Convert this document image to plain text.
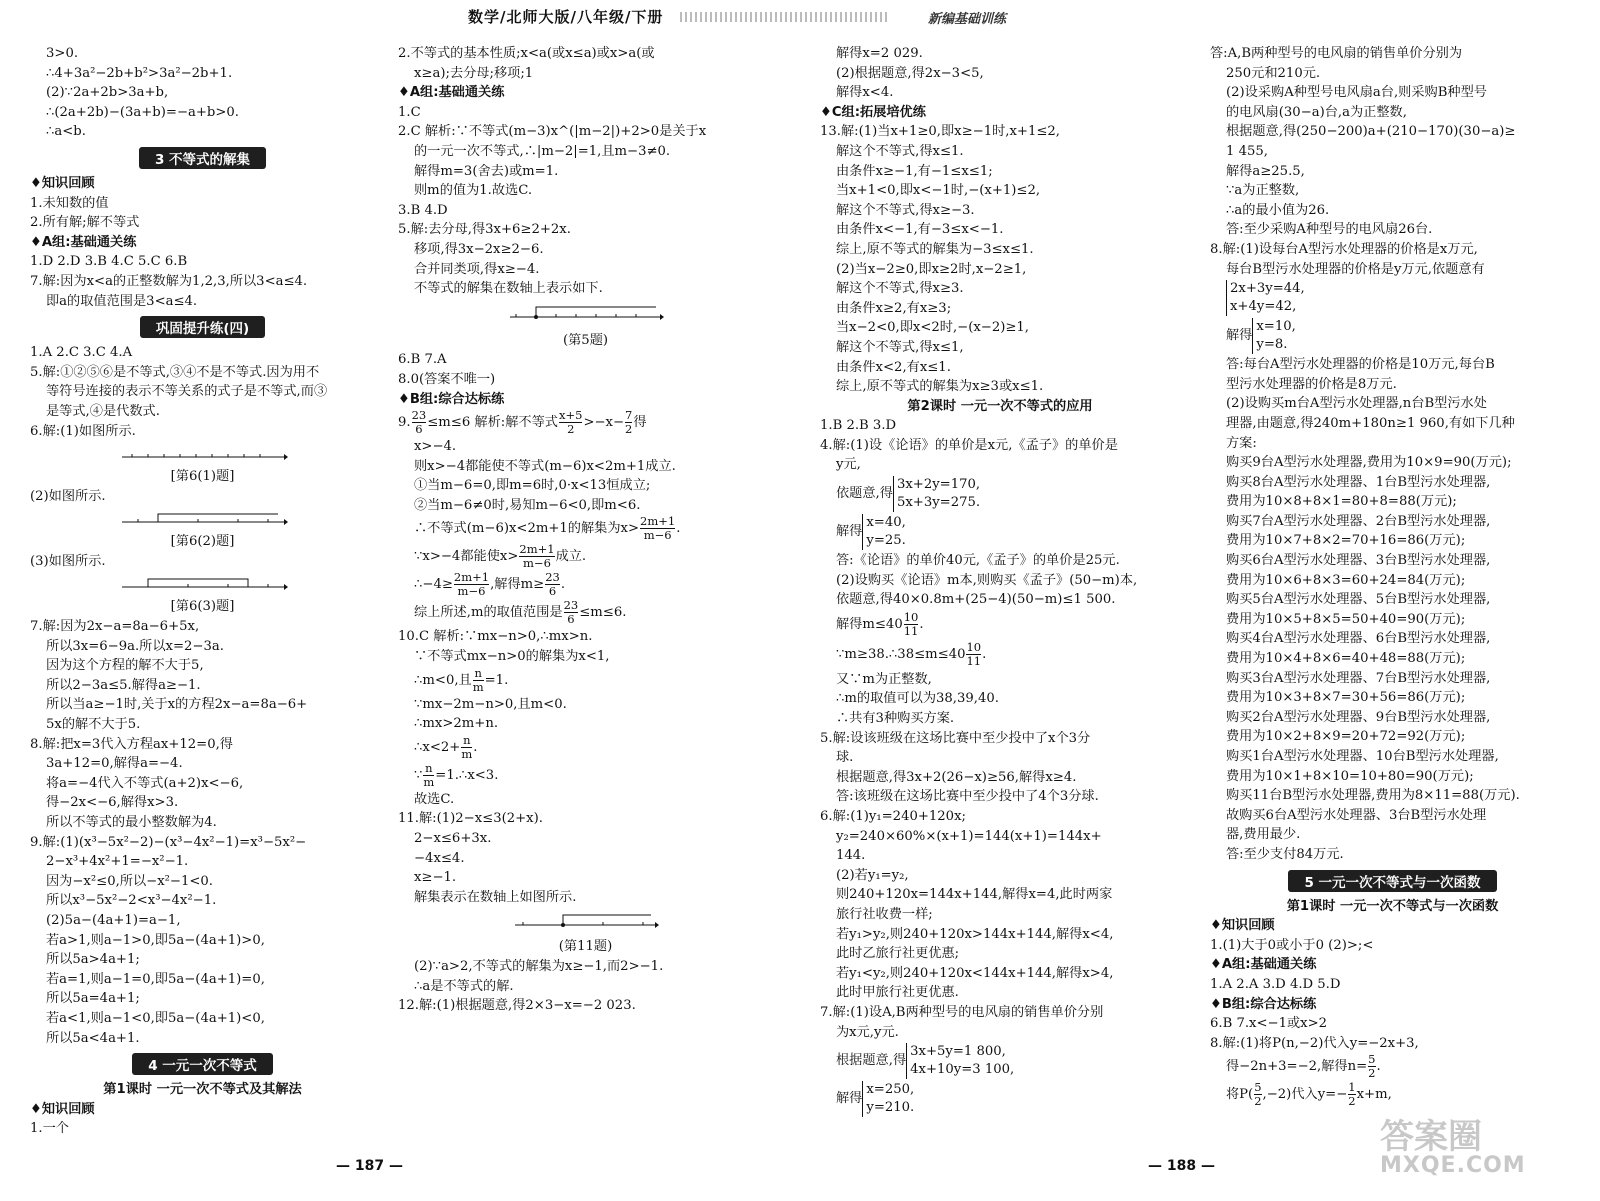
数学/北师大版/八年级/下册	新编基础训练

3>0.

∴4+3a²−2b+b²>3a²−2b+1.

(2)∵2a+2b>3a+b,

∴(2a+2b)−(3a+b)=−a+b>0.

∴a<b.

3 不等式的解集

♦知识回顾

1.未知数的值

2.所有解;解不等式

♦A组:基础通关练

1.D 2.D 3.B 4.C 5.C 6.B

7.解:因为x<a的正整数解为1,2,3,所以3<a≤4.

即a的取值范围是3<a≤4.

巩固提升练(四)

1.A 2.C 3.C 4.A

5.解:①②⑤⑥是不等式,③④不是不等式.因为用不

等符号连接的表示不等关系的式子是不等式,而③

是等式,④是代数式.

6.解:(1)如图所示.

[第6(1)题]

(2)如图所示.

[第6(2)题]

(3)如图所示.

[第6(3)题]

7.解:因为2x−a=8a−6+5x,

所以3x=6−9a.所以x=2−3a.

因为这个方程的解不大于5,

所以2−3a≤5.解得a≥−1.

所以当a≥−1时,关于x的方程2x−a=8a−6+

5x的解不大于5.

8.解:把x=3代入方程ax+12=0,得

3a+12=0,解得a=−4.

将a=−4代入不等式(a+2)x<−6,

得−2x<−6,解得x>3.

所以不等式的最小整数解为4.

9.解:(1)(x³−5x²−2)−(x³−4x²−1)=x³−5x²−

2−x³+4x²+1=−x²−1.

因为−x²≤0,所以−x²−1<0.

所以x³−5x²−2<x³−4x²−1.

(2)5a−(4a+1)=a−1,

若a>1,则a−1>0,即5a−(4a+1)>0,

所以5a>4a+1;

若a=1,则a−1=0,即5a−(4a+1)=0,

所以5a=4a+1;

若a<1,则a−1<0,即5a−(4a+1)<0,

所以5a<4a+1.

4 一元一次不等式

第1课时 一元一次不等式及其解法

♦知识回顾

1.一个

2.不等式的基本性质;x<a(或x≤a)或x>a(或

x≥a);去分母;移项;1

♦A组:基础通关练

1.C

2.C 解析:∵不等式(m−3)x^(|m−2|)+2>0是关于x

的一元一次不等式,∴|m−2|=1,且m−3≠0.

解得m=3(舍去)或m=1.

则m的值为1.故选C.

3.B 4.D

5.解:去分母,得3x+6≥2+2x.

移项,得3x−2x≥2−6.

合并同类项,得x≥−4.

不等式的解集在数轴上表示如下.

(第5题)

6.B 7.A

8.0(答案不唯一)

♦B组:综合达标练

9. $\frac{23}{6} \le m\le 6$ 解析:解不等式 $\frac{x+5}{2} >-x- \frac{7}{2}$ 得

x>−4.

则x>−4都能使不等式(m−6)x<2m+1成立.

①当m−6=0,即m=6时,0·x<13恒成立;

②当m−6≠0时,易知m−6<0,即m<6.

∴不等式(m−6)x<2m+1的解集为$x> \frac{2m+1}{m-6}$ .

∵x>−4都能使$x> \frac{2m+1}{m-6}$ 成立.

∴−4≥ $\frac{2m+1}{m-6}$ ,解得$m\ge \frac{23}{6}$ .

综上所述,m的取值范围是 $\frac{23}{6} \le m\le 6$.

10.C 解析:∵mx−n>0,∴mx>n.

∵不等式mx−n>0的解集为x<1,

∴m<0,且 $\frac{n}{m} =1$.

∵mx−2m−n>0,且m<0.

∴mx>2m+n.

∴x<2+ $\frac{n}{m}$ .

∵ $\frac{n}{m}$ =1.∴x<3.

故选C.

11.解:(1)2−x≤3(2+x).

2−x≤6+3x.

−4x≤4.

x≥−1.

解集表示在数轴上如图所示.

(第11题)

(2)∵a>2,不等式的解集为x≥−1,而2>−1.

∴a是不等式的解.

12.解:(1)根据题意,得2×3−x=−2 023.

解得x=2 029.

(2)根据题意,得2x−3<5,

解得x<4.

♦C组:拓展培优练

13.解:(1)当x+1≥0,即x≥−1时,x+1≤2,

解这个不等式,得x≤1.

由条件x≥−1,有−1≤x≤1;

当x+1<0,即x<−1时,−(x+1)≤2,

解这个不等式,得x≥−3.

由条件x<−1,有−3≤x<−1.

综上,原不等式的解集为−3≤x≤1.

(2)当x−2≥0,即x≥2时,x−2≥1,

解这个不等式,得x≥3.

由条件x≥2,有x≥3;

当x−2<0,即x<2时,−(x−2)≥1,

解这个不等式,得x≤1,

由条件x<2,有x≤1.

综上,原不等式的解集为x≥3或x≤1.

第2课时 一元一次不等式的应用

1.B 2.B 3.D

4.解:(1)设《论语》的单价是x元,《孟子》的单价是

y元,

依题意,得
3x+2y=170,
5x+3y=275.

解得
x=40,
y=25.

答:《论语》的单价40元,《孟子》的单价是25元.

(2)设购买《论语》m本,则购买《孟子》(50−m)本,

依题意,得40×0.8m+(25−4)(50−m)≤1 500.

解得$m\le 40 \frac{10}{11}$ .

∵m≥38.∴38≤m≤40 $\frac{10}{11}$ .

又∵m为正整数,

∴m的取值可以为38,39,40.

∴共有3种购买方案.

5.解:设该班级在这场比赛中至少投中了x个3分

球.

根据题意,得3x+2(26−x)≥56,解得x≥4.

答:该班级在这场比赛中至少投中了4个3分球.

6.解:(1)y₁=240+120x;

y₂=240×60%×(x+1)=144(x+1)=144x+

144.

(2)若y₁=y₂,

则240+120x=144x+144,解得x=4,此时两家

旅行社收费一样;

若y₁>y₂,则240+120x>144x+144,解得x<4,

此时乙旅行社更优惠;

若y₁<y₂,则240+120x<144x+144,解得x>4,

此时甲旅行社更优惠.

7.解:(1)设A,B两种型号的电风扇的销售单价分别

为x元,y元.

根据题意,得
3x+5y=1 800,
4x+10y=3 100,

解得
x=250,
y=210.

答:A,B两种型号的电风扇的销售单价分别为

250元和210元.

(2)设采购A种型号电风扇a台,则采购B种型号

的电风扇(30−a)台,a为正整数,

根据题意,得(250−200)a+(210−170)(30−a)≥

1 455,

解得a≥25.5,

∵a为正整数,

∴a的最小值为26.

答:至少采购A种型号的电风扇26台.

8.解:(1)设每台A型污水处理器的价格是x万元,

每台B型污水处理器的价格是y万元,依题意有

2x+3y=44,
x+4y=42,

解得
x=10,
y=8.

答:每台A型污水处理器的价格是10万元,每台B

型污水处理器的价格是8万元.

(2)设购买m台A型污水处理器,n台B型污水处

理器,由题意,得240m+180n≥1 960,有如下几种

方案:

购买9台A型污水处理器,费用为10×9=90(万元);

购买8台A型污水处理器、1台B型污水处理器,

费用为10×8+8×1=80+8=88(万元);

购买7台A型污水处理器、2台B型污水处理器,

费用为10×7+8×2=70+16=86(万元);

购买6台A型污水处理器、3台B型污水处理器,

费用为10×6+8×3=60+24=84(万元);

购买5台A型污水处理器、5台B型污水处理器,

费用为10×5+8×5=50+40=90(万元);

购买4台A型污水处理器、6台B型污水处理器,

费用为10×4+8×6=40+48=88(万元);

购买3台A型污水处理器、7台B型污水处理器,

费用为10×3+8×7=30+56=86(万元);

购买2台A型污水处理器、9台B型污水处理器,

费用为10×2+8×9=20+72=92(万元);

购买1台A型污水处理器、10台B型污水处理器,

费用为10×1+8×10=10+80=90(万元);

购买11台B型污水处理器,费用为8×11=88(万元).

故购买6台A型污水处理器、3台B型污水处理

器,费用最少.

答:至少支付84万元.

5 一元一次不等式与一次函数

第1课时 一元一次不等式与一次函数

♦知识回顾

1.(1)大于0或小于0 (2)>;<

♦A组:基础通关练

1.A 2.A 3.D 4.D 5.D

♦B组:综合达标练

6.B 7.x<−1或x>2

8.解:(1)将P(n,−2)代入y=−2x+3,

得−2n+3=−2,解得$n= \frac{5}{2}$ .

将$P( \frac{5}{2} ,-2)$代入$y=- \frac{1}{2} x+m$,

— 187 —	— 188 —
答案圈
MXQE.COM
